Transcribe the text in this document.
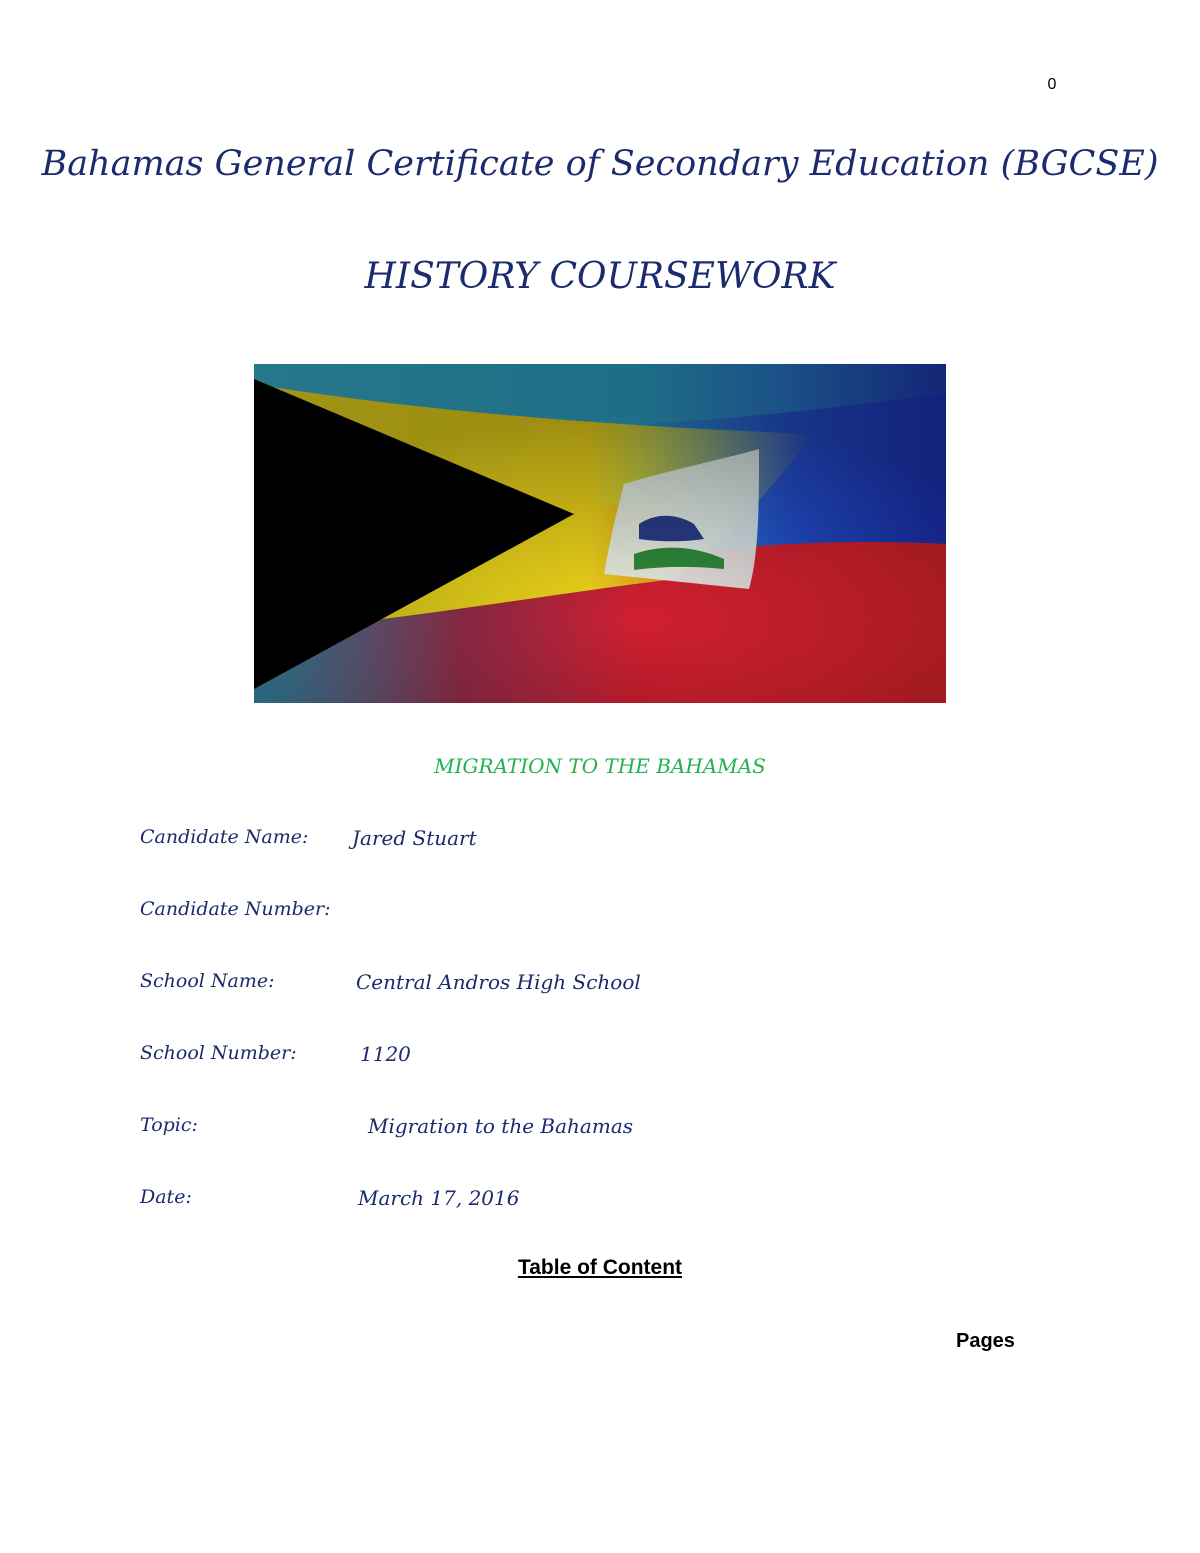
0
Bahamas General Certificate of Secondary Education (BGCSE)
HISTORY COURSEWORK
MIGRATION TO THE BAHAMAS
Candidate Name: Jared Stuart
Candidate Number:
School Name:	Central Andros High School
School Number:	1120
Topic:	Migration to the Bahamas
Date:	March 17, 2016
Table of Content
Pages
